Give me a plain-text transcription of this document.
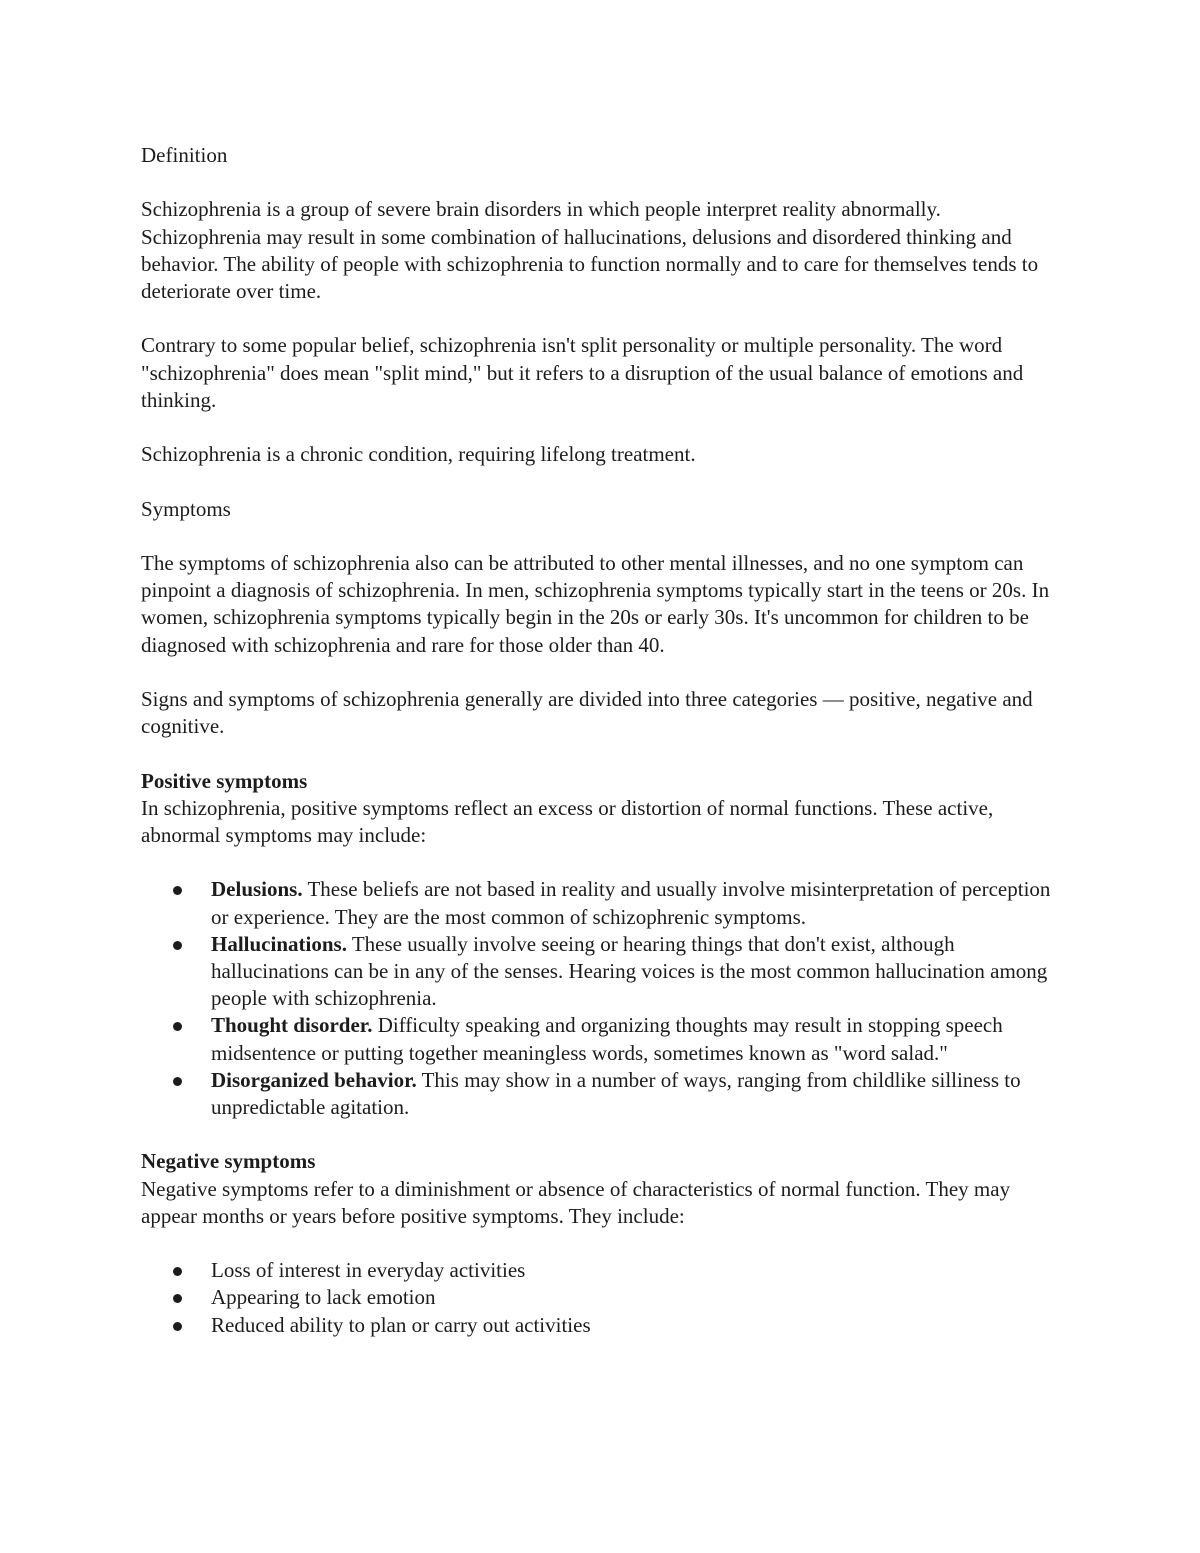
Definition

Schizophrenia is a group of severe brain disorders in which people interpret reality abnormally. Schizophrenia may result in some combination of hallucinations, delusions and disordered thinking and behavior. The ability of people with schizophrenia to function normally and to care for themselves tends to deteriorate over time.

Contrary to some popular belief, schizophrenia isn't split personality or multiple personality. The word "schizophrenia" does mean "split mind," but it refers to a disruption of the usual balance of emotions and thinking.

Schizophrenia is a chronic condition, requiring lifelong treatment.

Symptoms

The symptoms of schizophrenia also can be attributed to other mental illnesses, and no one symptom can pinpoint a diagnosis of schizophrenia. In men, schizophrenia symptoms typically start in the teens or 20s. In women, schizophrenia symptoms typically begin in the 20s or early 30s. It's uncommon for children to be diagnosed with schizophrenia and rare for those older than 40.

Signs and symptoms of schizophrenia generally are divided into three categories — positive, negative and cognitive.

Positive symptoms
In schizophrenia, positive symptoms reflect an excess or distortion of normal functions. These active, abnormal symptoms may include:
Delusions. These beliefs are not based in reality and usually involve misinterpretation of perception or experience. They are the most common of schizophrenic symptoms.
Hallucinations. These usually involve seeing or hearing things that don't exist, although hallucinations can be in any of the senses. Hearing voices is the most common hallucination among people with schizophrenia.
Thought disorder. Difficulty speaking and organizing thoughts may result in stopping speech midsentence or putting together meaningless words, sometimes known as "word salad."
Disorganized behavior. This may show in a number of ways, ranging from childlike silliness to unpredictable agitation.
Negative symptoms
Negative symptoms refer to a diminishment or absence of characteristics of normal function. They may appear months or years before positive symptoms. They include:
Loss of interest in everyday activities
Appearing to lack emotion
Reduced ability to plan or carry out activities
